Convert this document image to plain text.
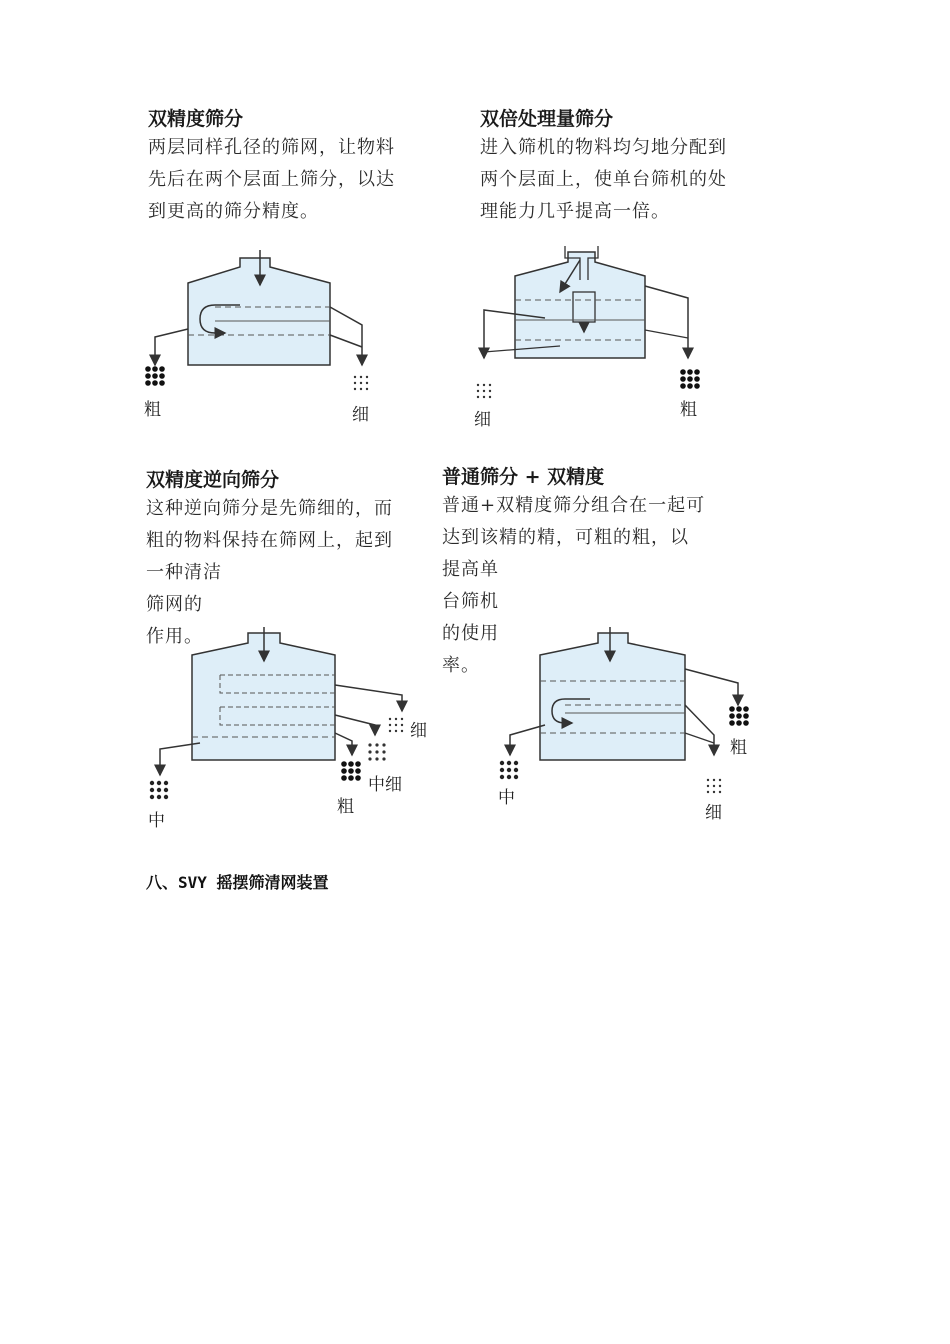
双精度筛分
两层同样孔径的筛网，让物料
先后在两个层面上筛分，以达
到更高的筛分精度。
粗	细
双倍处理量筛分
进入筛机的物料均匀地分配到
两个层面上，使单台筛机的处
理能力几乎提高一倍。
细	粗
双精度逆向筛分
这种逆向筛分是先筛细的，而
粗的物料保持在筛网上，起到
一种清洁
筛网的
作用。
细
中细
粗
中
普通筛分 + 双精度
普通+双精度筛分组合在一起可
达到该精的精，可粗的粗，以
提高单
台筛机
的使用
率。
粗
中
细
八、SVY 摇摆筛清网装置
